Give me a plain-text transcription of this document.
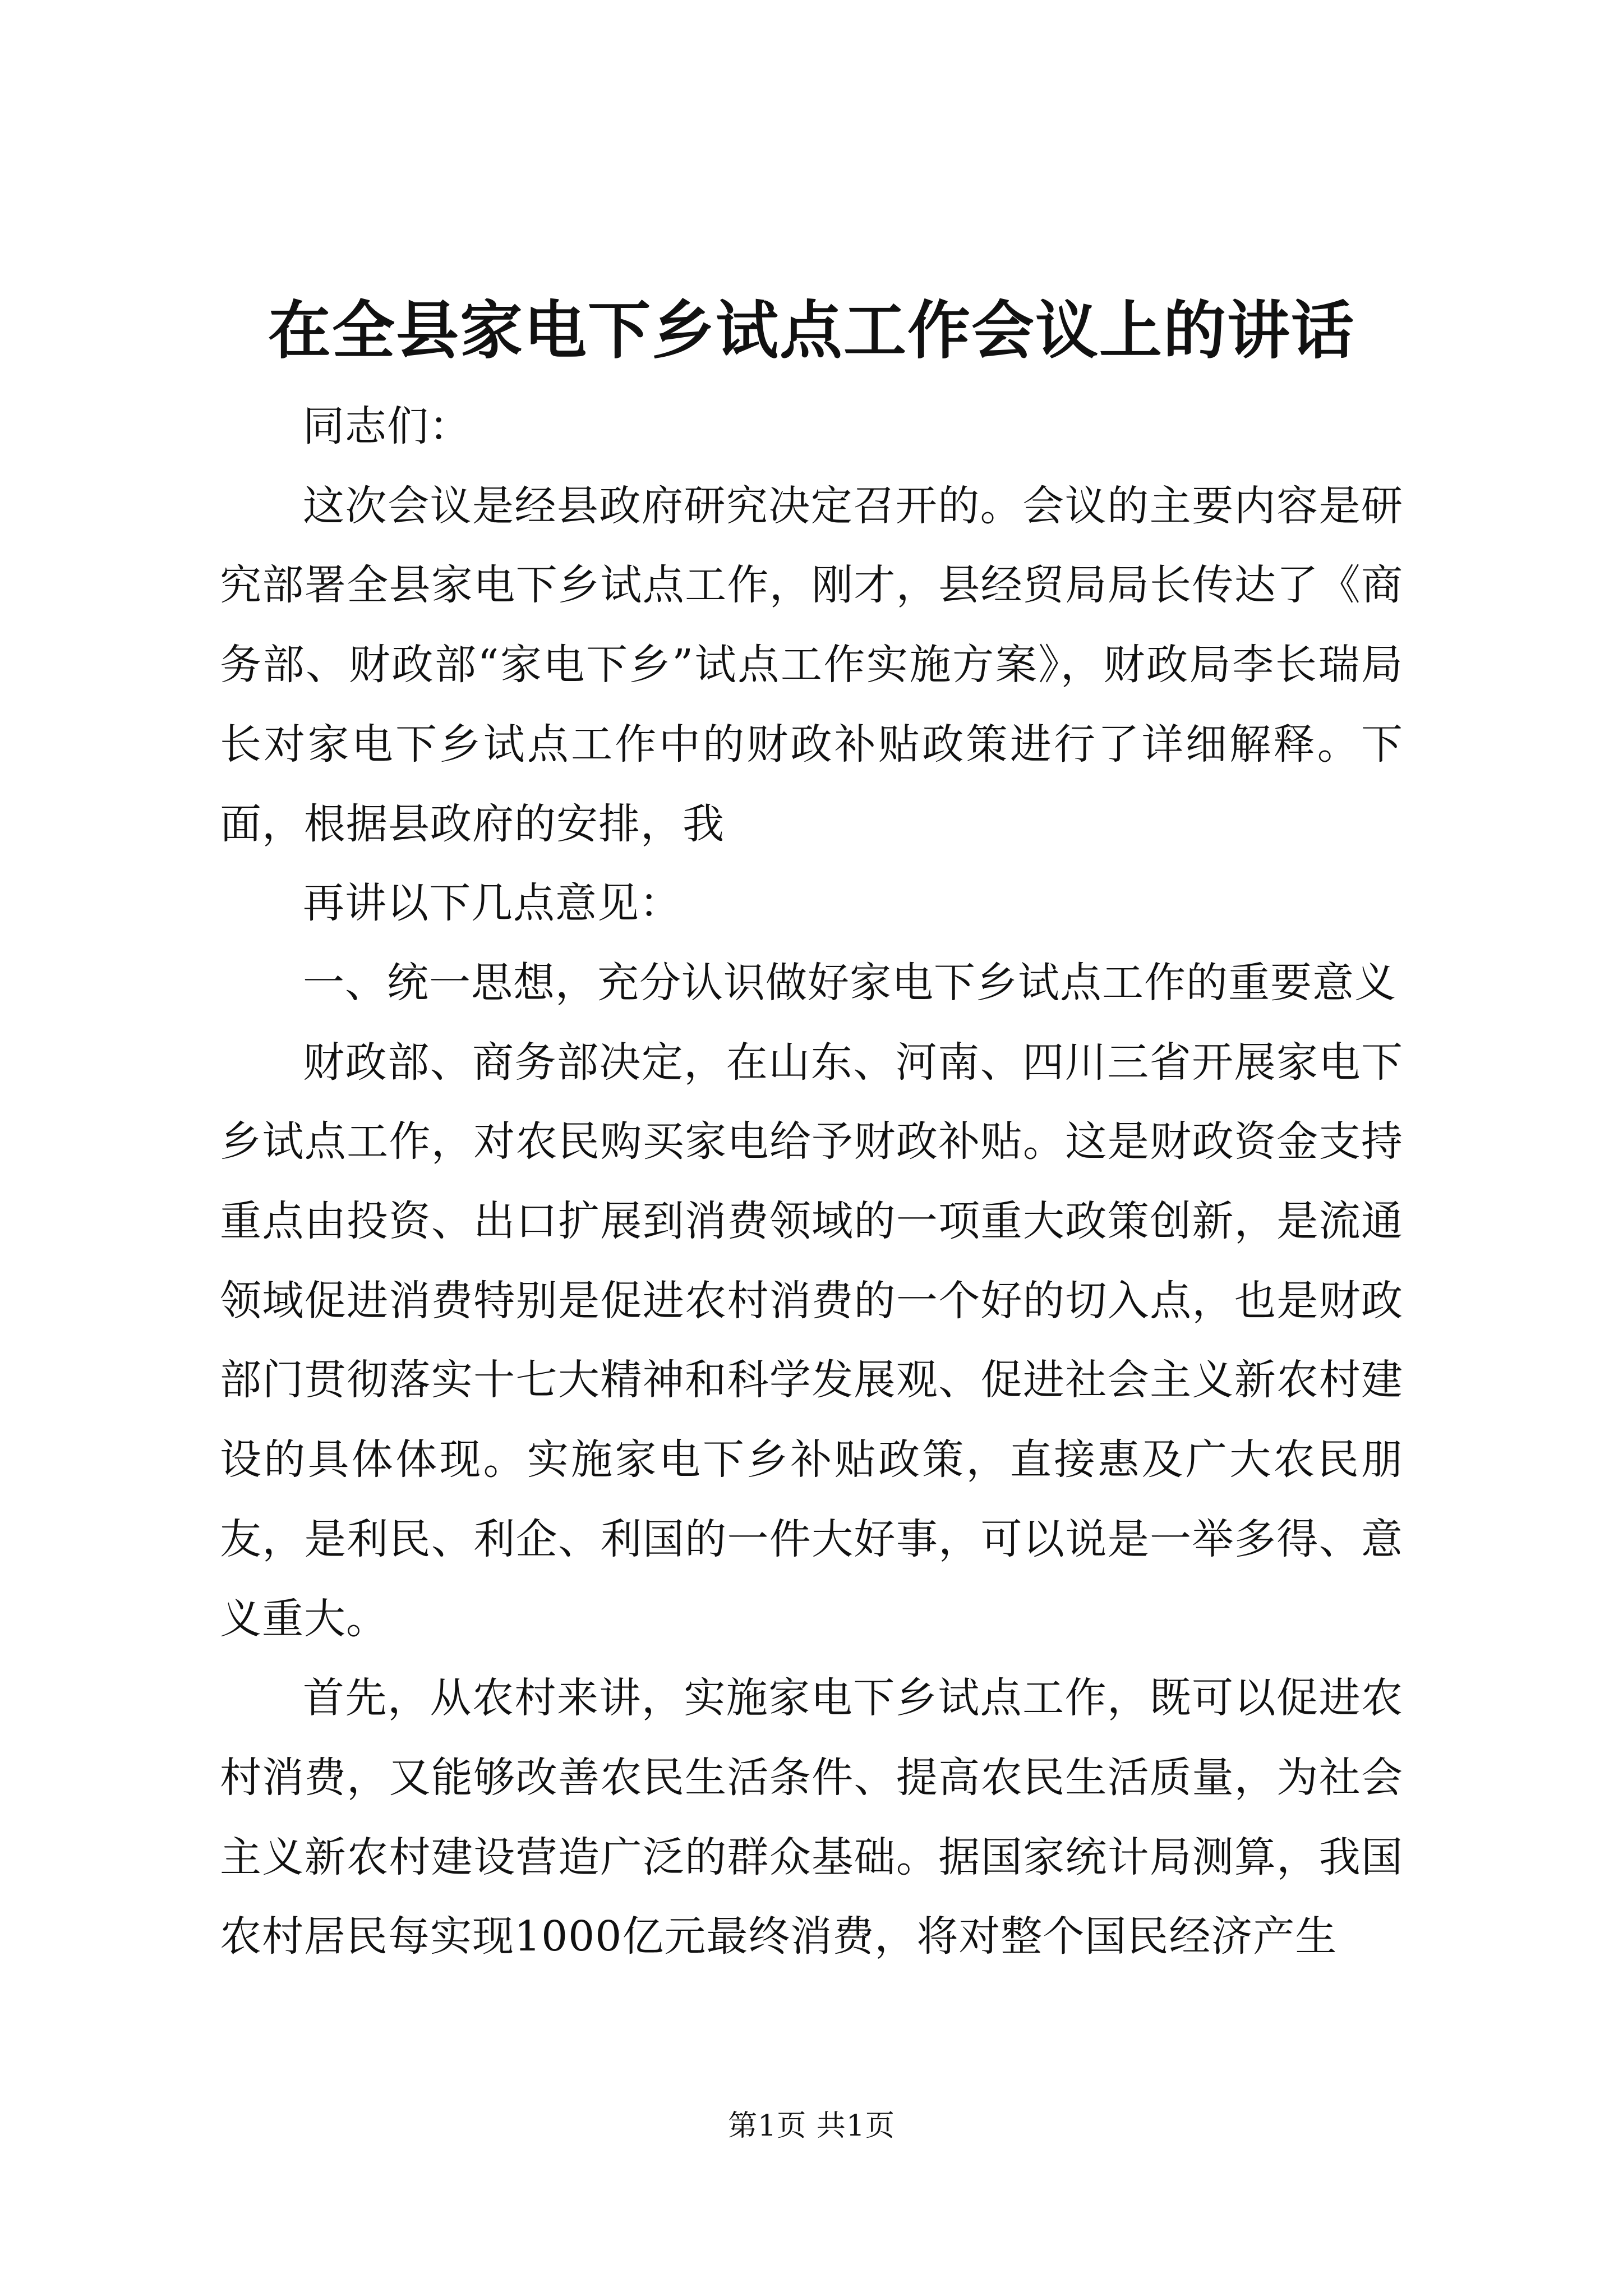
在全县家电下乡试点工作会议上的讲话

同志们：

这次会议是经县政府研究决定召开的。会议的主要内容是研究部署全县家电下乡试点工作，刚才，县经贸局局长传达了《商务部、财政部“家电下乡”试点工作实施方案》，财政局李长瑞局长对家电下乡试点工作中的财政补贴政策进行了详细解释。下面，根据县政府的安排，我

再讲以下几点意见：

一、统一思想，充分认识做好家电下乡试点工作的重要意义

财政部、商务部决定，在山东、河南、四川三省开展家电下乡试点工作，对农民购买家电给予财政补贴。这是财政资金支持重点由投资、出口扩展到消费领域的一项重大政策创新，是流通领域促进消费特别是促进农村消费的一个好的切入点，也是财政部门贯彻落实十七大精神和科学发展观、促进社会主义新农村建设的具体体现。实施家电下乡补贴政策，直接惠及广大农民朋友，是利民、利企、利国的一件大好事，可以说是一举多得、意义重大。

首先，从农村来讲，实施家电下乡试点工作，既可以促进农村消费，又能够改善农民生活条件、提高农民生活质量，为社会主义新农村建设营造广泛的群众基础。据国家统计局测算，我国农村居民每实现1000亿元最终消费，将对整个国民经济产生

第1页 共1页
